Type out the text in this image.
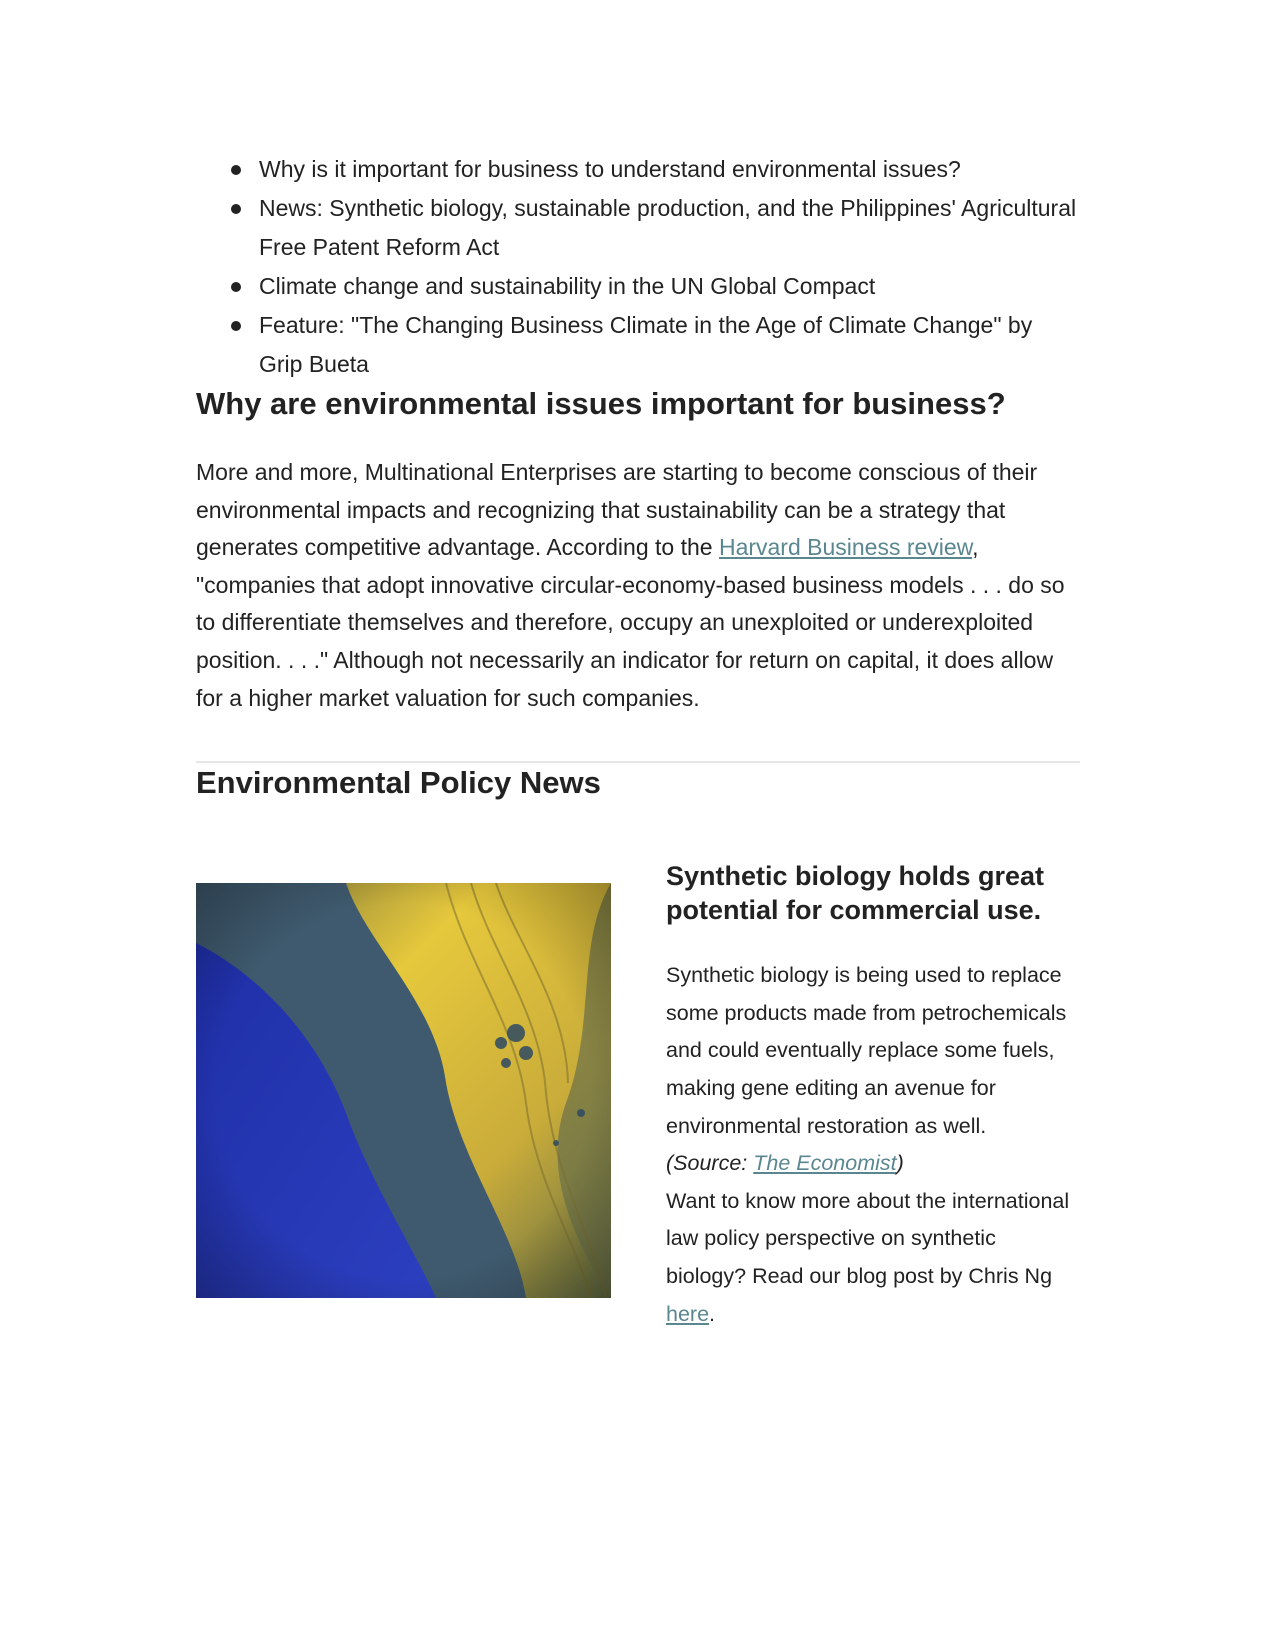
Why is it important for business to understand environmental issues?
News: Synthetic biology, sustainable production, and the Philippines' Agricultural Free Patent Reform Act
Climate change and sustainability in the UN Global Compact
Feature: "The Changing Business Climate in the Age of Climate Change" by Grip Bueta
Why are environmental issues important for business?

More and more, Multinational Enterprises are starting to become conscious of their environmental impacts and recognizing that sustainability can be a strategy that generates competitive advantage. According to the Harvard Business review, "companies that adopt innovative circular-economy-based business models . . . do so to differentiate themselves and therefore, occupy an unexploited or underexploited position. . . ." Although not necessarily an indicator for return on capital, it does allow for a higher market valuation for such companies.

Environmental Policy News
Synthetic biology holds great potential for commercial use.
Synthetic biology is being used to replace some products made from petrochemicals and could eventually replace some fuels, making gene editing an avenue for environmental restoration as well.
(Source: The Economist)
Want to know more about the international law policy perspective on synthetic biology? Read our blog post by Chris Ng here.
